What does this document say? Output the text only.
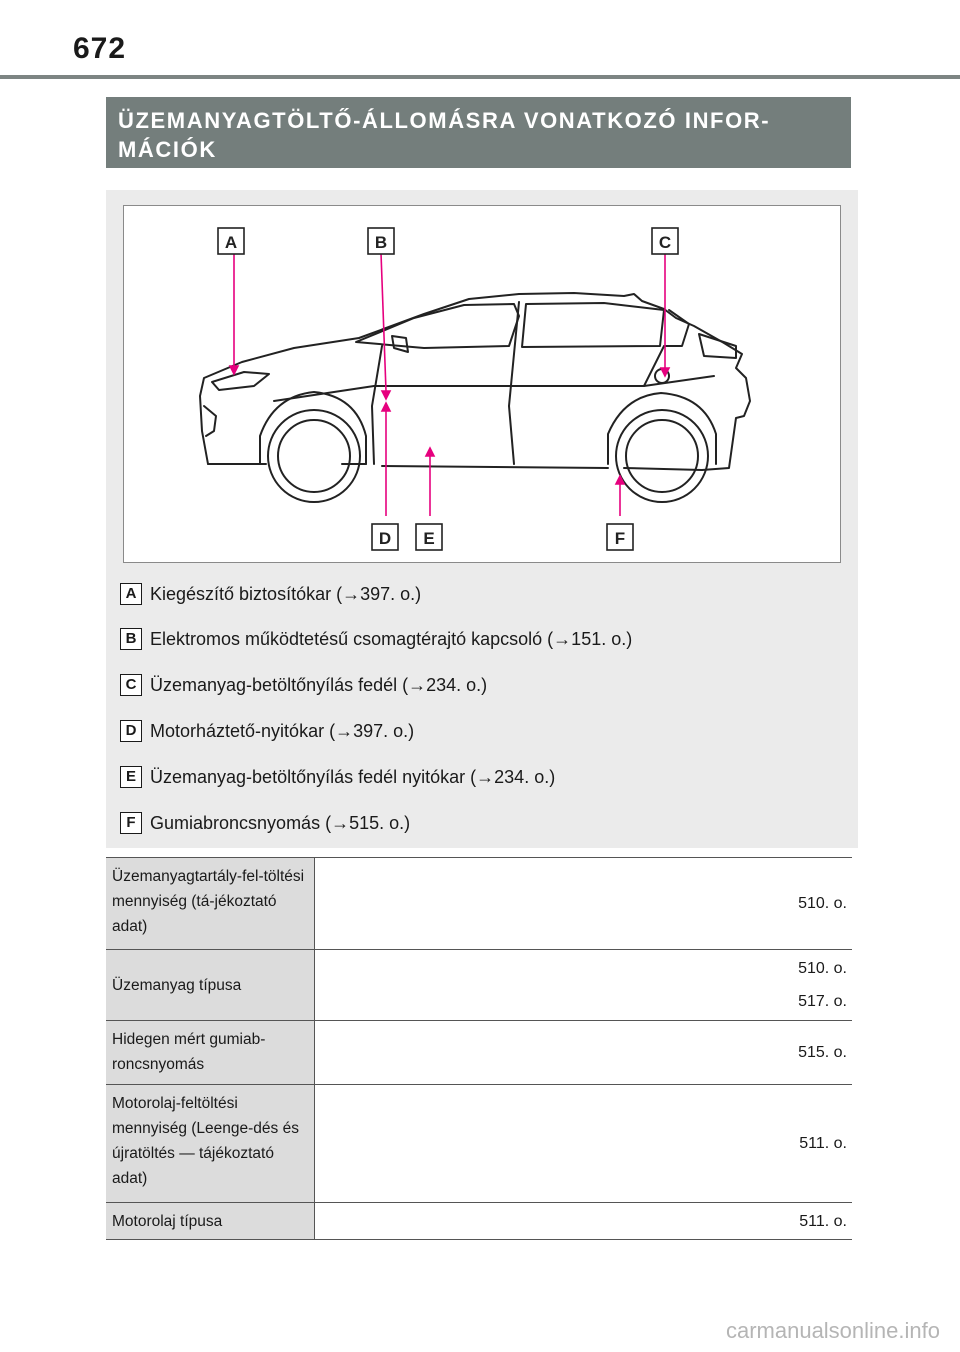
672
ÜZEMANYAGTÖLTŐ-ÁLLOMÁSRA VONATKOZÓ INFOR-MÁCIÓK
A	B	C
D E	F
A Kiegészítő biztosítókar (→397. o.)
B Elektromos működtetésű csomagtérajtó kapcsoló (→151. o.)
C Üzemanyag-betöltőnyílás fedél (→234. o.)
D Motorháztető-nyitókar (→397. o.)
E Üzemanyag-betöltőnyílás fedél nyitókar (→234. o.)
F Gumiabroncsnyomás (→515. o.)
Üzemanyagtartály-fel-töltési mennyiség (tá-jékoztató adat)	510. o.

Üzemanyag típusa	510. o.
517. o.

Hidegen mért gumiab-roncsnyomás	515. o.

Motorolaj-feltöltési mennyiség (Leenge-dés és újratöltés — tájékoztató adat)	511. o.

Motorolaj típusa	511. o.
carmanualsonline.info
